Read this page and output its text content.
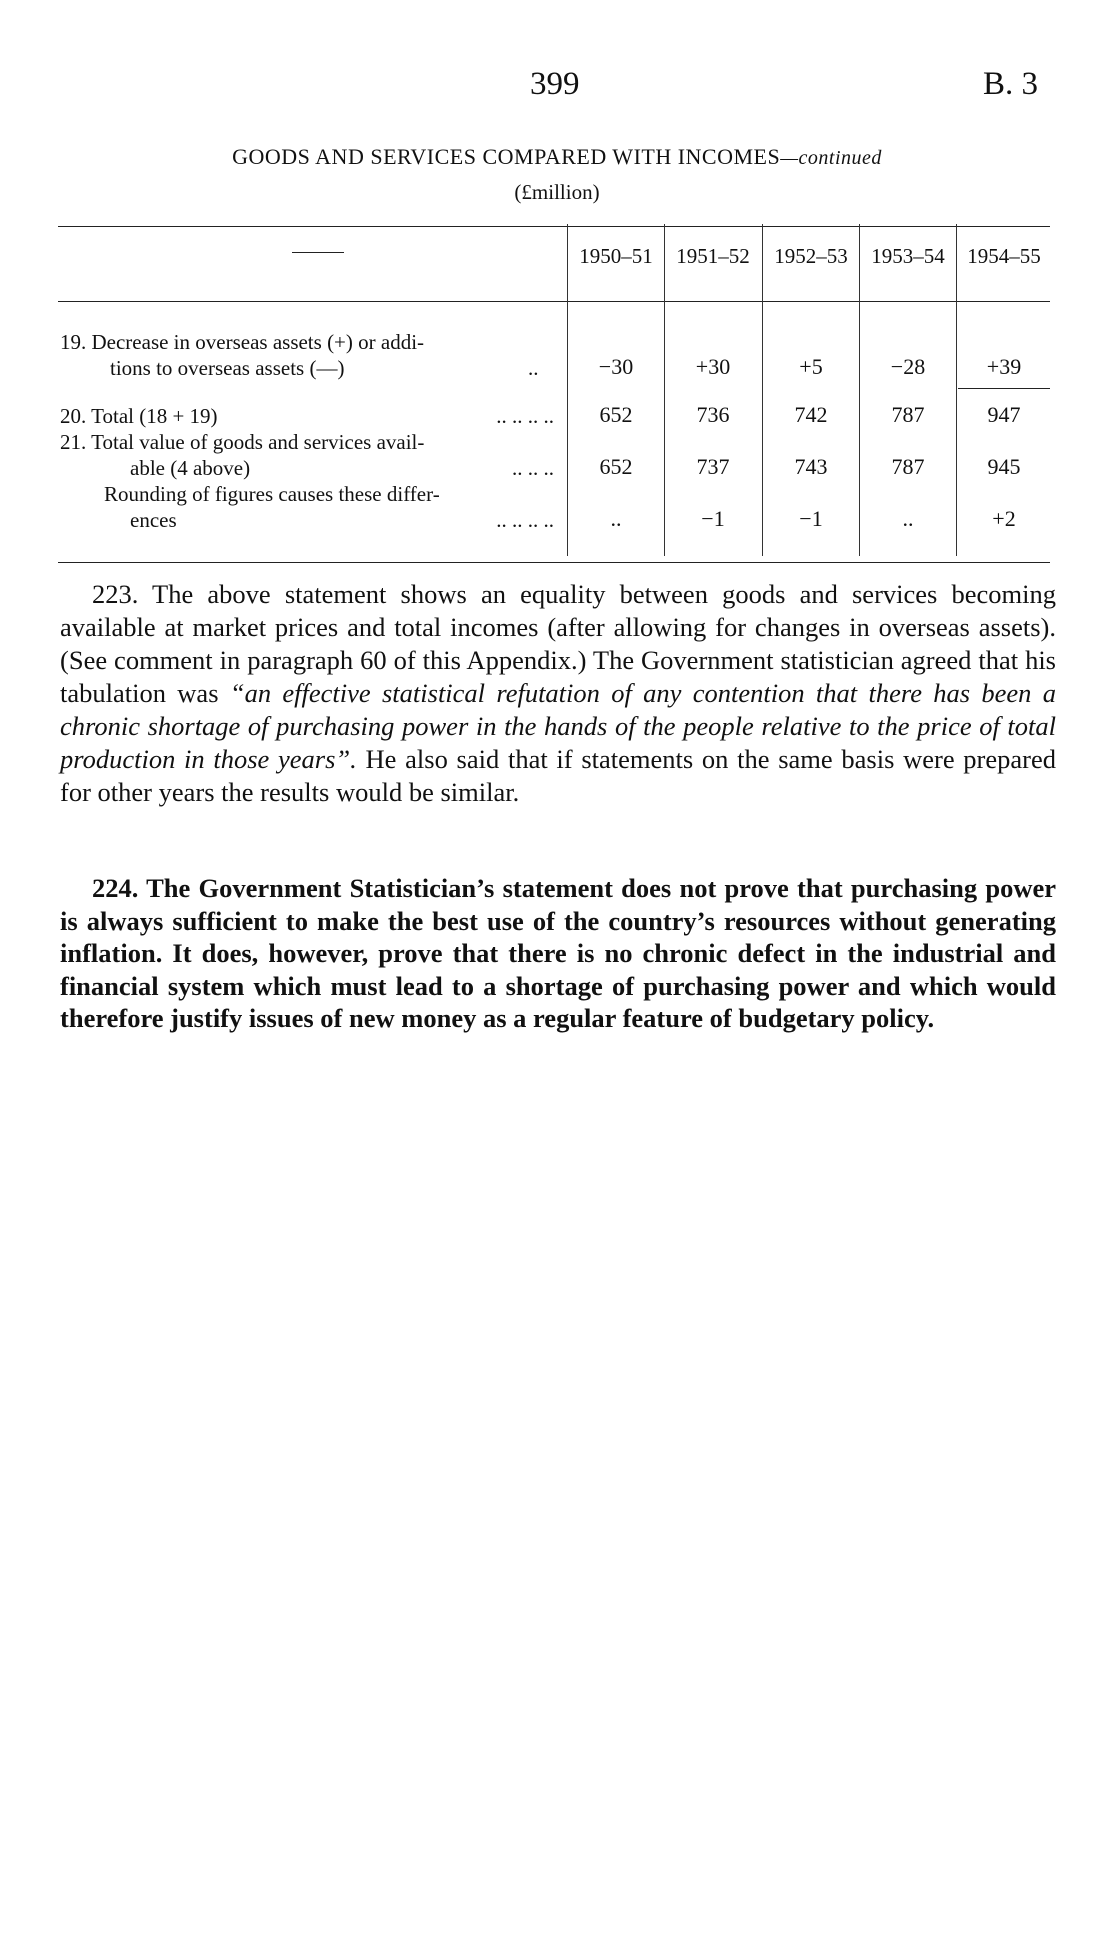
399	B. 3
GOODS AND SERVICES COMPARED WITH INCOMES—continued
(£million)
1950–51	1951–52	1952–53	1953–54	1954–55
19. Decrease in overseas assets (+) or addi-
tions to overseas assets (—)	..	−30	+30	+5	−28	+39
20. Total (18 + 19)	.. .. .. ..	652	736	742	787	947
21. Total value of goods and services avail-
able (4 above)	.. .. ..	652	737	743	787	945
Rounding of figures causes these differ-
ences	.. .. .. ..	..	−1	−1	..	+2

223. The above statement shows an equality between goods and services becoming available at market prices and total incomes (after allowing for changes in overseas assets). (See comment in paragraph 60 of this Appendix.) The Government statistician agreed that his tabulation was “an effective statistical refutation of any contention that there has been a chronic shortage of purchasing power in the hands of the people relative to the price of total production in those years”. He also said that if statements on the same basis were prepared for other years the results would be similar.

224. The Government Statistician’s statement does not prove that purchasing power is always sufficient to make the best use of the country’s resources without generating inflation. It does, however, prove that there is no chronic defect in the industrial and financial system which must lead to a shortage of purchasing power and which would therefore justify issues of new money as a regular feature of budgetary policy.
